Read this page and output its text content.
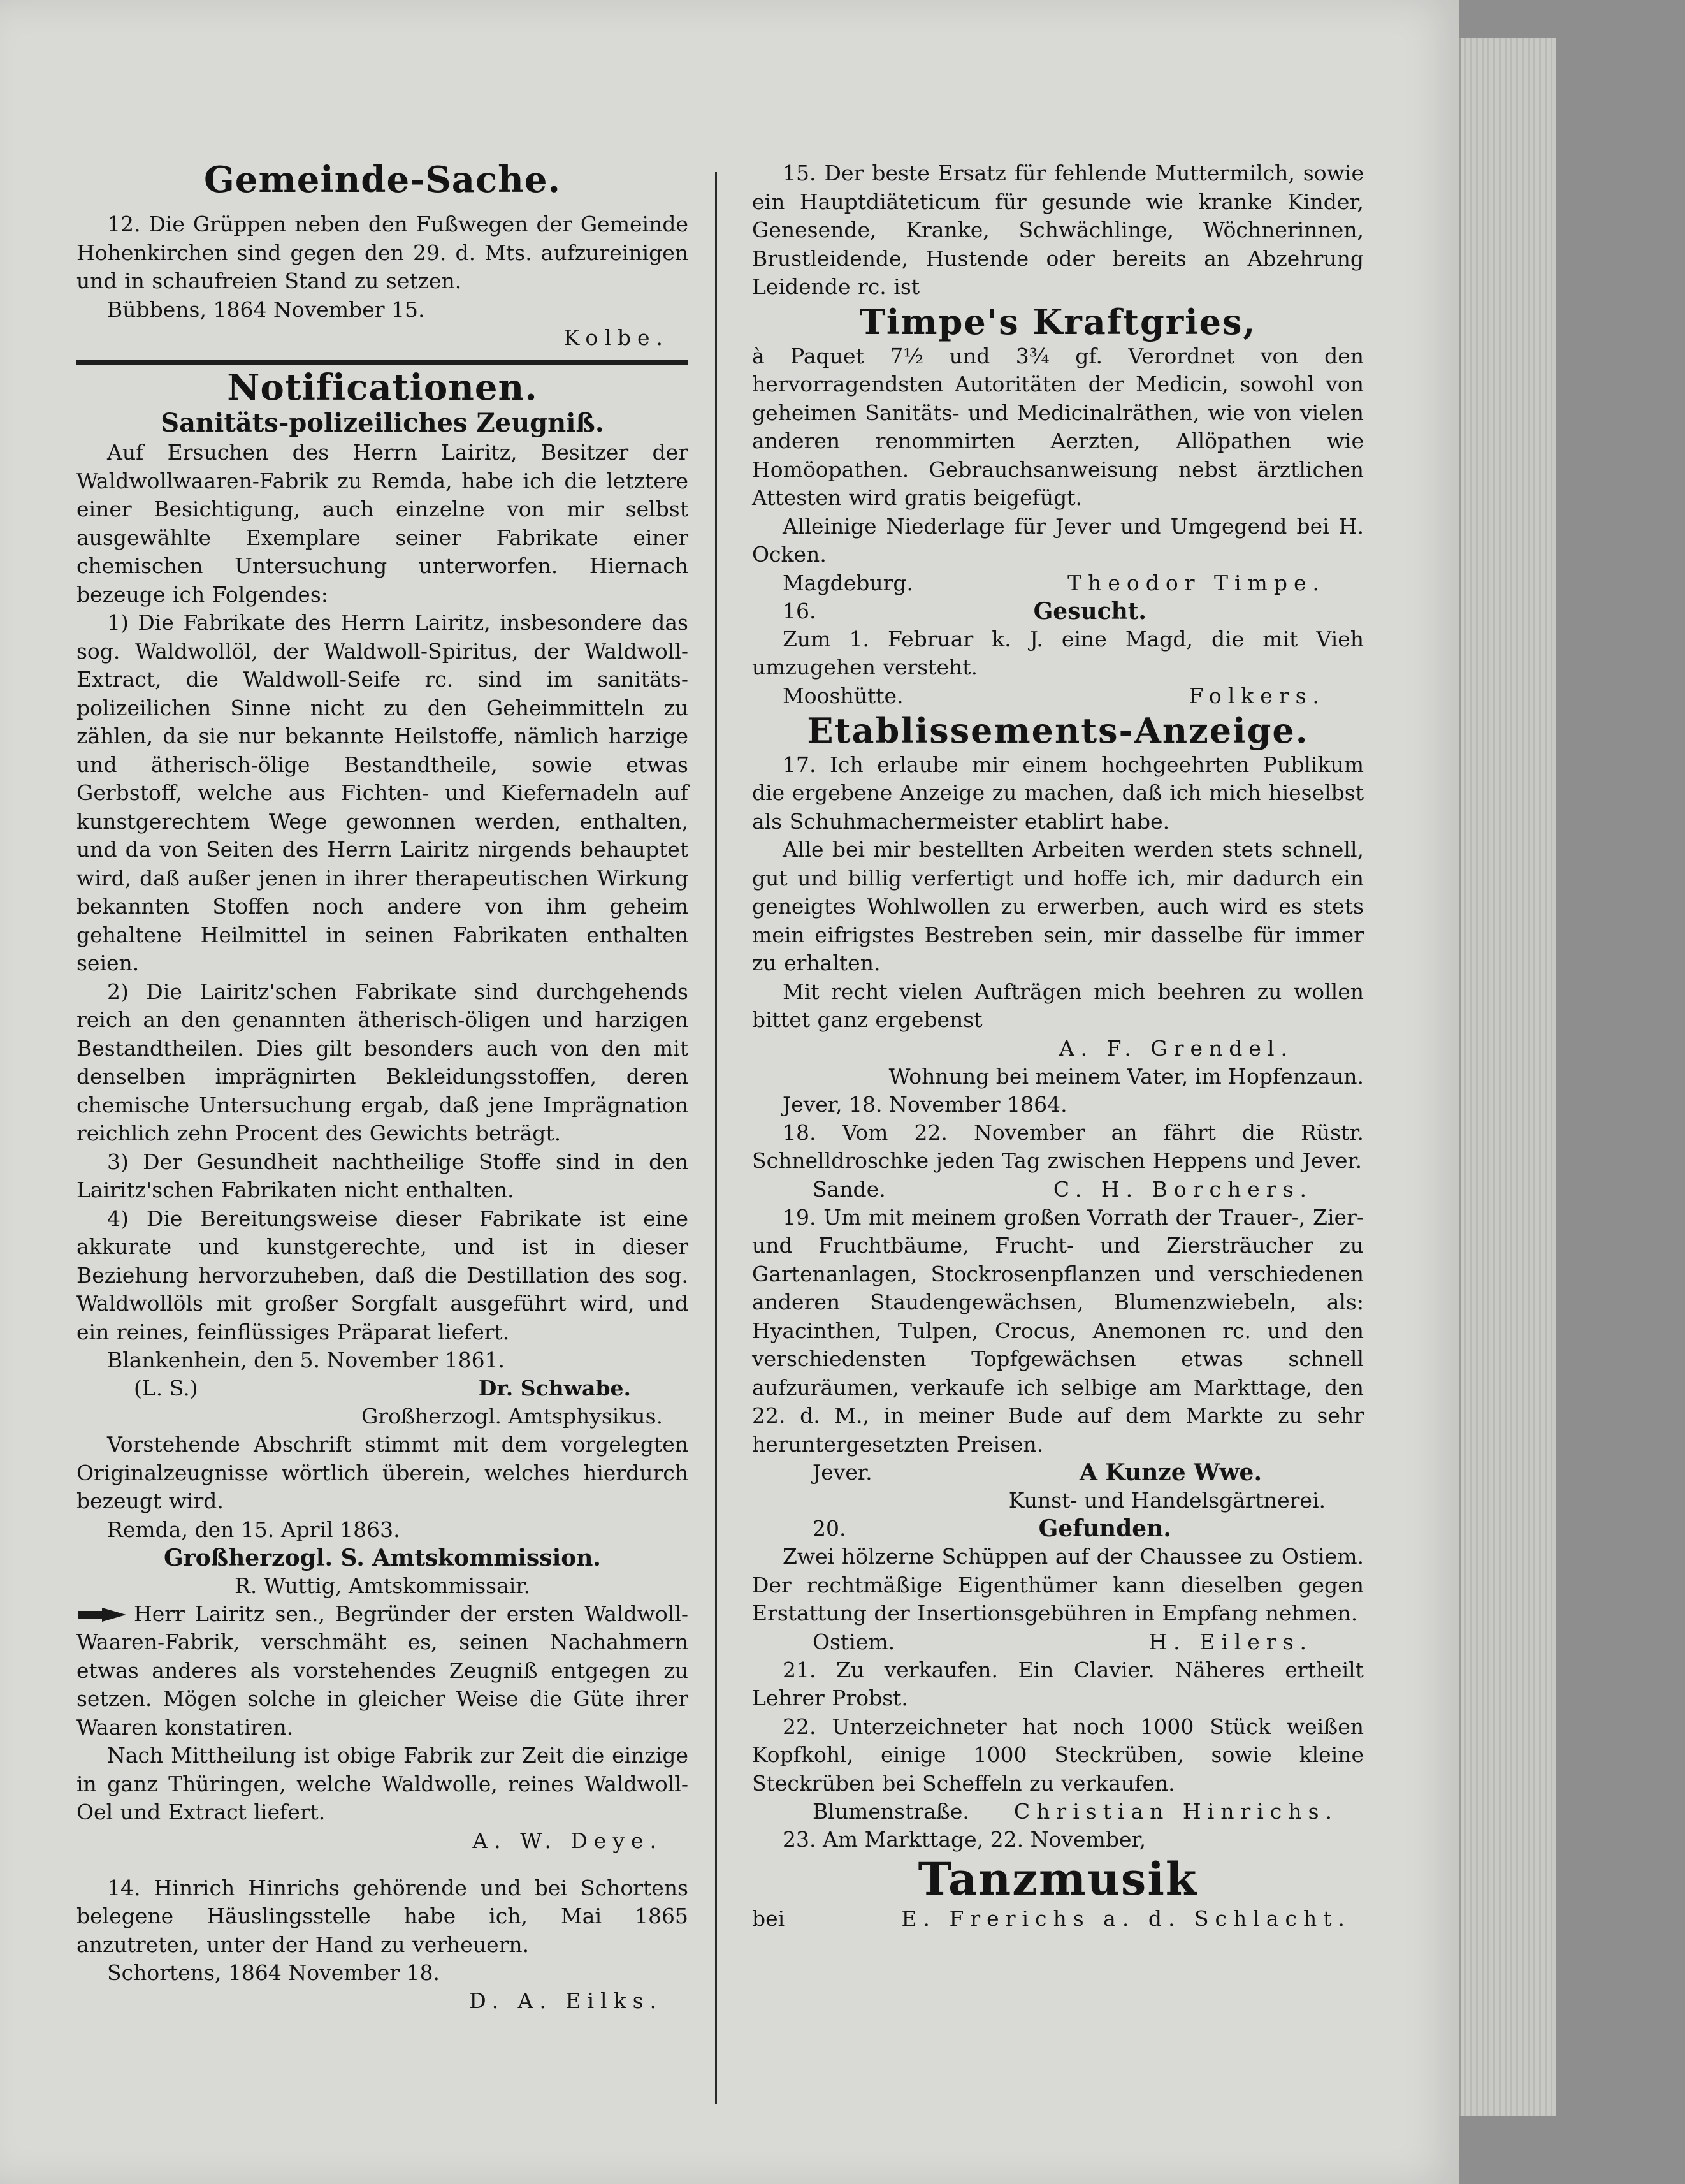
Gemeinde-Sache.

12. Die Grüppen neben den Fußwegen der Gemeinde Hohenkirchen sind gegen den 29. d. Mts. aufzureinigen und in schaufreien Stand zu setzen.

Bübbens, 1864 November 15.

Kolbe.

Notificationen.

Sanitäts-polizeiliches Zeugniß.

Auf Ersuchen des Herrn Lairitz, Besitzer der Waldwollwaaren-Fabrik zu Remda, habe ich die letztere einer Besichtigung, auch einzelne von mir selbst ausgewählte Exemplare seiner Fabrikate einer chemischen Untersuchung unterworfen. Hiernach bezeuge ich Folgendes:

1) Die Fabrikate des Herrn Lairitz, insbesondere das sog. Waldwollöl, der Waldwoll-Spiritus, der Waldwoll-Extract, die Waldwoll-Seife rc. sind im sanitäts-polizeilichen Sinne nicht zu den Geheimmitteln zu zählen, da sie nur bekannte Heilstoffe, nämlich harzige und ätherisch-ölige Bestandtheile, sowie etwas Gerbstoff, welche aus Fichten- und Kiefernadeln auf kunstgerechtem Wege gewonnen werden, enthalten, und da von Seiten des Herrn Lairitz nirgends behauptet wird, daß außer jenen in ihrer therapeutischen Wirkung bekannten Stoffen noch andere von ihm geheim gehaltene Heilmittel in seinen Fabrikaten enthalten seien.

2) Die Lairitz'schen Fabrikate sind durchgehends reich an den genannten ätherisch-öligen und harzigen Bestandtheilen. Dies gilt besonders auch von den mit denselben imprägnirten Bekleidungsstoffen, deren chemische Untersuchung ergab, daß jene Imprägnation reichlich zehn Procent des Gewichts beträgt.

3) Der Gesundheit nachtheilige Stoffe sind in den Lairitz'schen Fabrikaten nicht enthalten.

4) Die Bereitungsweise dieser Fabrikate ist eine akkurate und kunstgerechte, und ist in dieser Beziehung hervorzuheben, daß die Destillation des sog. Waldwollöls mit großer Sorgfalt ausgeführt wird, und ein reines, feinflüssiges Präparat liefert.

Blankenhein, den 5. November 1861.

(L. S.)	Dr. Schwabe.

Großherzogl. Amtsphysikus.

Vorstehende Abschrift stimmt mit dem vorgelegten Originalzeugnisse wörtlich überein, welches hierdurch bezeugt wird.

Remda, den 15. April 1863.

Großherzogl. S. Amtskommission.

R. Wuttig, Amtskommissair.

Herr Lairitz sen., Begründer der ersten Waldwoll-Waaren-Fabrik, verschmäht es, seinen Nachahmern etwas anderes als vorstehendes Zeugniß entgegen zu setzen. Mögen solche in gleicher Weise die Güte ihrer Waaren konstatiren.

Nach Mittheilung ist obige Fabrik zur Zeit die einzige in ganz Thüringen, welche Waldwolle, reines Waldwoll-Oel und Extract liefert.

A. W. Deye.

14. Hinrich Hinrichs gehörende und bei Schortens belegene Häuslingsstelle habe ich, Mai 1865 anzutreten, unter der Hand zu verheuern.

Schortens, 1864 November 18.

D. A. Eilks.

15. Der beste Ersatz für fehlende Muttermilch, sowie ein Hauptdiäteticum für gesunde wie kranke Kinder, Genesende, Kranke, Schwächlinge, Wöchnerinnen, Brustleidende, Hustende oder bereits an Abzehrung Leidende rc. ist

Timpe's Kraftgries,

à Paquet 7½ und 3¾ gf. Verordnet von den hervorragendsten Autoritäten der Medicin, sowohl von geheimen Sanitäts- und Medicinalräthen, wie von vielen anderen renommirten Aerzten, Allöpathen wie Homöopathen. Gebrauchsanweisung nebst ärztlichen Attesten wird gratis beigefügt.

Alleinige Niederlage für Jever und Umgegend bei H. Ocken.

Magdeburg.	Theodor Timpe.
16.	Gesucht.

Zum 1. Februar k. J. eine Magd, die mit Vieh umzugehen versteht.

Mooshütte.	Folkers.

Etablissements-Anzeige.

17. Ich erlaube mir einem hochgeehrten Publikum die ergebene Anzeige zu machen, daß ich mich hieselbst als Schuhmachermeister etablirt habe.

Alle bei mir bestellten Arbeiten werden stets schnell, gut und billig verfertigt und hoffe ich, mir dadurch ein geneigtes Wohlwollen zu erwerben, auch wird es stets mein eifrigstes Bestreben sein, mir dasselbe für immer zu erhalten.

Mit recht vielen Aufträgen mich beehren zu wollen bittet ganz ergebenst

A. F. Grendel.

Wohnung bei meinem Vater, im Hopfenzaun.

Jever, 18. November 1864.

18. Vom 22. November an fährt die Rüstr. Schnelldroschke jeden Tag zwischen Heppens und Jever.

Sande.	C. H. Borchers.

19. Um mit meinem großen Vorrath der Trauer-, Zier- und Fruchtbäume, Frucht- und Ziersträucher zu Gartenanlagen, Stockrosenpflanzen und verschiedenen anderen Staudengewächsen, Blumenzwiebeln, als: Hyacinthen, Tulpen, Crocus, Anemonen rc. und den verschiedensten Topfgewächsen etwas schnell aufzuräumen, verkaufe ich selbige am Markttage, den 22. d. M., in meiner Bude auf dem Markte zu sehr heruntergesetzten Preisen.

Jever.	A Kunze Wwe.

Kunst- und Handelsgärtnerei.

20.	Gefunden.

Zwei hölzerne Schüppen auf der Chaussee zu Ostiem. Der rechtmäßige Eigenthümer kann dieselben gegen Erstattung der Insertionsgebühren in Empfang nehmen.

Ostiem.	H. Eilers.

21. Zu verkaufen. Ein Clavier. Näheres ertheilt Lehrer Probst.

22. Unterzeichneter hat noch 1000 Stück weißen Kopfkohl, einige 1000 Steckrüben, sowie kleine Steckrüben bei Scheffeln zu verkaufen.

Blumenstraße. Christian Hinrichs.

23. Am Markttage, 22. November,

Tanzmusik

bei	E. Frerichs a. d. Schlacht.
